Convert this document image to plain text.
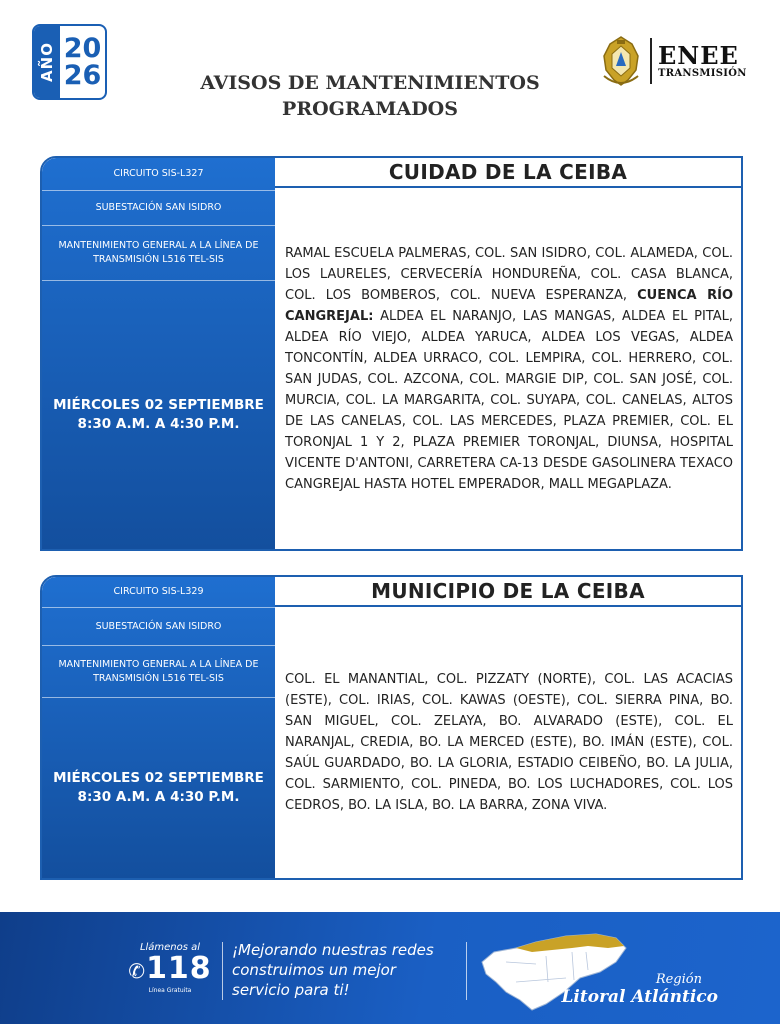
AÑO 20
26	AVISOS DE MANTENIMIENTOS
PROGRAMADOS
ENEE
TRANSMISIÓN
CIRCUITO SIS-L327
SUBESTACIÓN SAN ISIDRO
MANTENIMIENTO GENERAL A LA LÍNEA DE TRANSMISIÓN L516 TEL-SIS
MIÉRCOLES 02 SEPTIEMBRE
8:30 A.M. A 4:30 P.M.
CUIDAD DE LA CEIBA

RAMAL ESCUELA PALMERAS, COL. SAN ISIDRO, COL. ALAMEDA, COL. LOS LAURELES, CERVECERÍA HONDUREÑA, COL. CASA BLANCA, COL. LOS BOMBEROS, COL. NUEVA ESPERANZA, CUENCA RÍO CANGREJAL: ALDEA EL NARANJO, LAS MANGAS, ALDEA EL PITAL, ALDEA RÍO VIEJO, ALDEA YARUCA, ALDEA LOS VEGAS, ALDEA TONCONTÍN, ALDEA URRACO, COL. LEMPIRA, COL. HERRERO, COL. SAN JUDAS, COL. AZCONA, COL. MARGIE DIP, COL. SAN JOSÉ, COL. MURCIA, COL. LA MARGARITA, COL. SUYAPA, COL. CANELAS, ALTOS DE LAS CANELAS, COL. LAS MERCEDES, PLAZA PREMIER, COL. EL TORONJAL 1 Y 2, PLAZA PREMIER TORONJAL, DIUNSA, HOSPITAL VICENTE D'ANTONI, CARRETERA CA-13 DESDE GASOLINERA TEXACO CANGREJAL HASTA HOTEL EMPERADOR, MALL MEGAPLAZA.

CIRCUITO SIS-L329
SUBESTACIÓN SAN ISIDRO
MANTENIMIENTO GENERAL A LA LÍNEA DE TRANSMISIÓN L516 TEL-SIS
MIÉRCOLES 02 SEPTIEMBRE
8:30 A.M. A 4:30 P.M.
MUNICIPIO DE LA CEIBA

COL. EL MANANTIAL, COL. PIZZATY (NORTE), COL. LAS ACACIAS (ESTE), COL. IRIAS, COL. KAWAS (OESTE), COL. SIERRA PINA, BO. SAN MIGUEL, COL. ZELAYA, BO. ALVARADO (ESTE), COL. EL NARANJAL, CREDIA, BO. LA MERCED (ESTE), BO. IMÁN (ESTE), COL. SAÚL GUARDADO, BO. LA GLORIA, ESTADIO CEIBEÑO, BO. LA JULIA, COL. SARMIENTO, COL. PINEDA, BO. LOS LUCHADORES, COL. LOS CEDROS, BO. LA ISLA, BO. LA BARRA, ZONA VIVA.

Llámenos al
✆118
Línea Gratuita
¡Mejorando nuestras redes
construimos un mejor
servicio para ti!
Región
Litoral Atlántico
